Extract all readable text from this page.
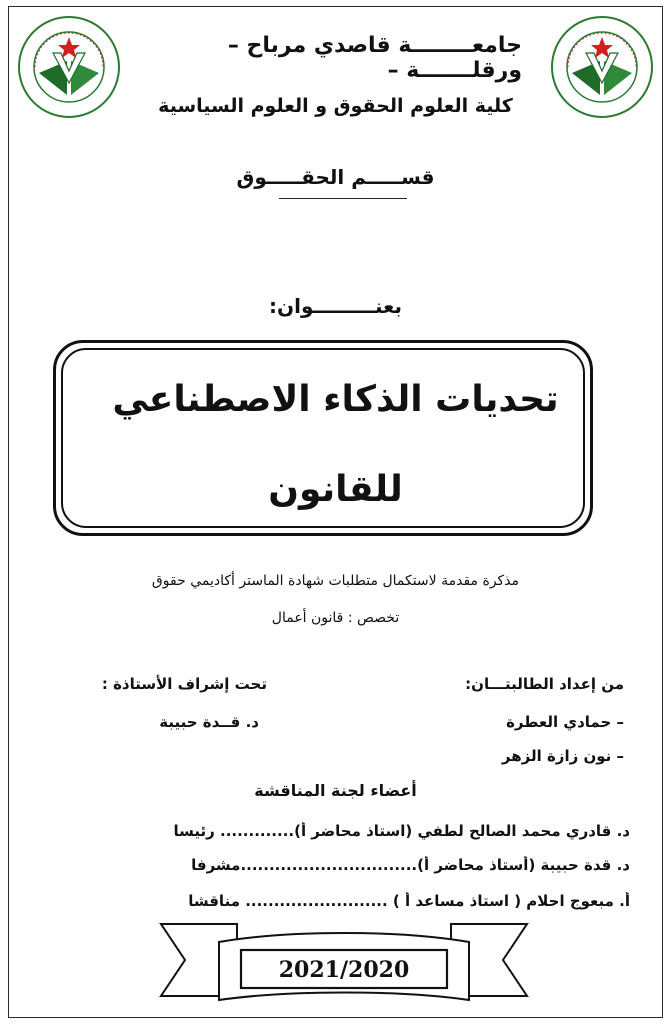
جامعــــــــة قاصدي مرباح – ورقلـــــــة –
كلية العلوم الحقوق و العلوم السياسية
قســـــم الحقـــــوق
بعنـــــــــوان:
تحديات الذكاء الاصطناعي
للقانون
مذكرة مقدمة لاستكمال متطلبات شهادة الماستر أكاديمي حقوق
تخصص : قانون أعمال
من إعداد الطالبتـــان:
تحت إشراف الأستاذة :
– حمادي العطرة
– نون زازة الزهر
د. قــدة حبيبة
أعضاء لجنة المناقشة
د. قادري محمد الصالح لطفي (استاذ محاضر أ)............. رئيسا
د. قدة حبيبة (أستاذ محاضر أ)...............................مشرفا
أ. مبعوج احلام ( استاذ مساعد أ ) ......................... مناقشا
2021/2020
